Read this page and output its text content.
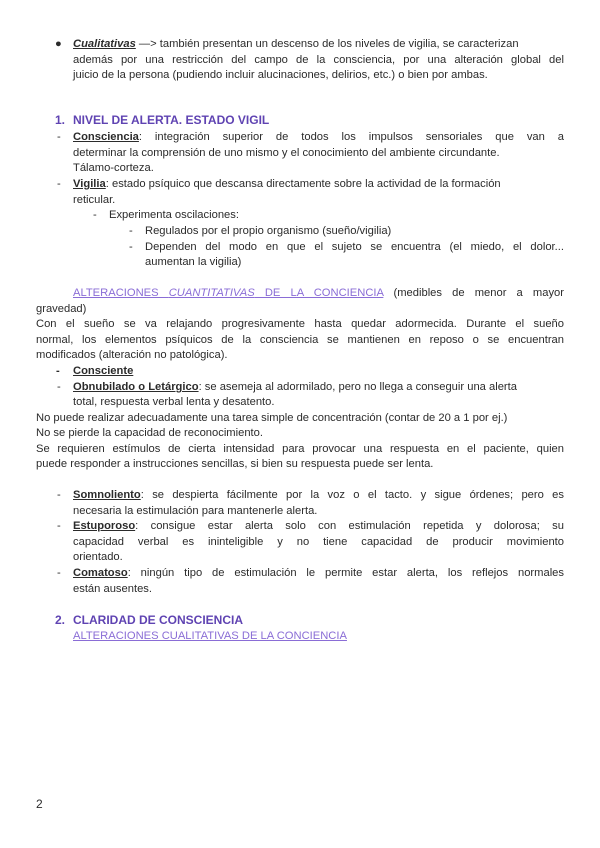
● Cualitativas —> también presentan un descenso de los niveles de vigilia, se caracterizan
además por una restricción del campo de la consciencia, por una alteración global del
juicio de la persona (pudiendo incluir alucinaciones, delirios, etc.) o bien por ambas.
1. NIVEL DE ALERTA. ESTADO VIGIL
- Consciencia: integración superior de todos los impulsos sensoriales que van a
determinar la comprensión de uno mismo y el conocimiento del ambiente circundante.
Tálamo-corteza.
- Vigilia: estado psíquico que descansa directamente sobre la actividad de la formación
reticular.
- Experimenta oscilaciones:
- Regulados por el propio organismo (sueño/vigilia)
- Dependen del modo en que el sujeto se encuentra (el miedo, el dolor...
aumentan la vigilia)
ALTERACIONES CUANTITATIVAS DE LA CONCIENCIA (medibles de menor a mayor
gravedad)
Con el sueño se va relajando progresivamente hasta quedar adormecida. Durante el sueño
normal, los elementos psíquicos de la consciencia se mantienen en reposo o se encuentran
modificados (alteración no patológica).
- Consciente
- Obnubilado o Letárgico: se asemeja al adormilado, pero no llega a conseguir una alerta
total, respuesta verbal lenta y desatento.
No puede realizar adecuadamente una tarea simple de concentración (contar de 20 a 1 por ej.)
No se pierde la capacidad de reconocimiento.
Se requieren estímulos de cierta intensidad para provocar una respuesta en el paciente, quien
puede responder a instrucciones sencillas, si bien su respuesta puede ser lenta.
- Somnoliento: se despierta fácilmente por la voz o el tacto. y sigue órdenes; pero es
necesaria la estimulación para mantenerle alerta.
- Estuporoso: consigue estar alerta solo con estimulación repetida y dolorosa; su
capacidad verbal es ininteligible y no tiene capacidad de producir movimiento
orientado.
- Comatoso: ningún tipo de estimulación le permite estar alerta, los reflejos normales
están ausentes.
2. CLARIDAD DE CONSCIENCIA
ALTERACIONES CUALITATIVAS DE LA CONCIENCIA
2
